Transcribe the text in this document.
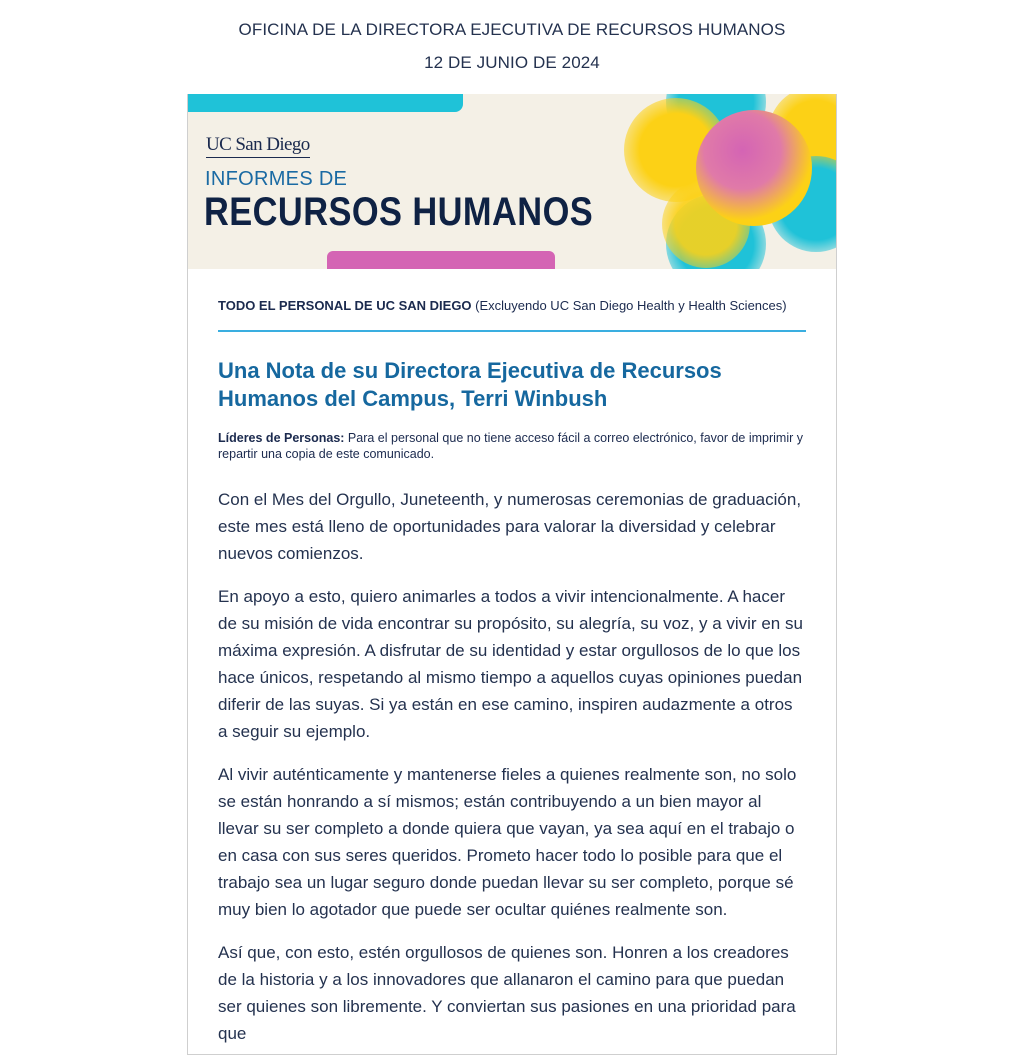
OFICINA DE LA DIRECTORA EJECUTIVA DE RECURSOS HUMANOS
12 DE JUNIO DE 2024
UC San Diego
INFORMES DE
RECURSOS HUMANOS
TODO EL PERSONAL DE UC SAN DIEGO (Excluyendo UC San Diego Health y Health Sciences)
Una Nota de su Directora Ejecutiva de Recursos Humanos del Campus, Terri Winbush
Líderes de Personas: Para el personal que no tiene acceso fácil a correo electrónico, favor de imprimir y repartir una copia de este comunicado.
Con el Mes del Orgullo, Juneteenth, y numerosas ceremonias de graduación, este mes está lleno de oportunidades para valorar la diversidad y celebrar nuevos comienzos.
En apoyo a esto, quiero animarles a todos a vivir intencionalmente. A hacer de su misión de vida encontrar su propósito, su alegría, su voz, y a vivir en su máxima expresión. A disfrutar de su identidad y estar orgullosos de lo que los hace únicos, respetando al mismo tiempo a aquellos cuyas opiniones puedan diferir de las suyas. Si ya están en ese camino, inspiren audazmente a otros a seguir su ejemplo.
Al vivir auténticamente y mantenerse fieles a quienes realmente son, no solo se están honrando a sí mismos; están contribuyendo a un bien mayor al llevar su ser completo a donde quiera que vayan, ya sea aquí en el trabajo o en casa con sus seres queridos. Prometo hacer todo lo posible para que el trabajo sea un lugar seguro donde puedan llevar su ser completo, porque sé muy bien lo agotador que puede ser ocultar quiénes realmente son.
Así que, con esto, estén orgullosos de quienes son. Honren a los creadores de la historia y a los innovadores que allanaron el camino para que puedan ser quienes son libremente. Y conviertan sus pasiones en una prioridad para que
